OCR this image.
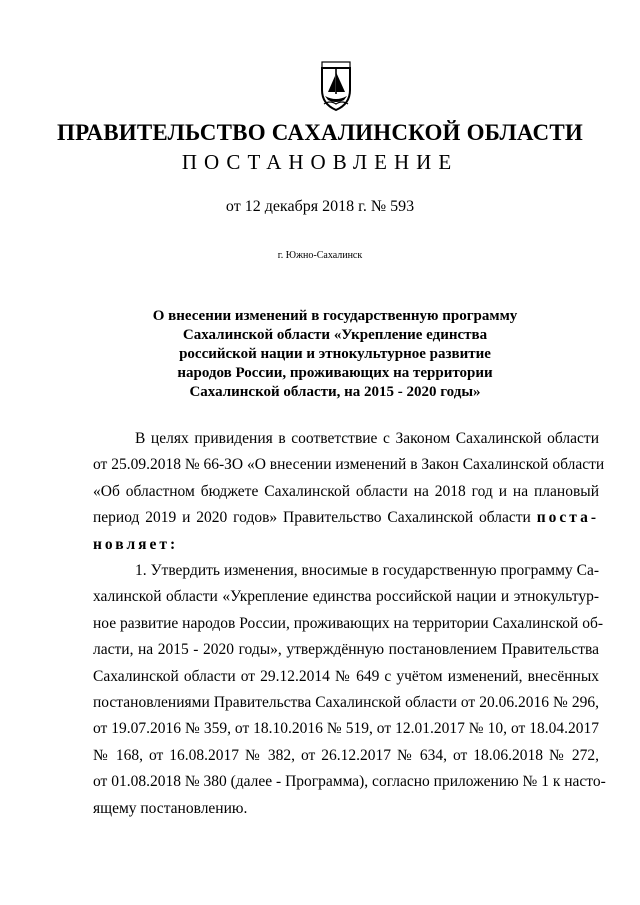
ПРАВИТЕЛЬСТВО САХАЛИНСКОЙ ОБЛАСТИ

ПОСТАНОВЛЕНИЕ

от 12 декабря 2018 г. № 593

г. Южно-Сахалинск

О внесении изменений в государственную программу
Сахалинской области «Укрепление единства
российской нации и этнокультурное развитие
народов России, проживающих на территории
Сахалинской области, на 2015 - 2020 годы»

В целях привидения в соответствие с Законом Сахалинской области
от 25.09.2018 № 66-ЗО «О внесении изменений в Закон Сахалинской области
«Об областном бюджете Сахалинской области на 2018 год и на плановый
период 2019 и 2020 годов» Правительство Сахалинской области поста-
новляет:
1. Утвердить изменения, вносимые в государственную программу Са-
халинской области «Укрепление единства российской нации и этнокультур-
ное развитие народов России, проживающих на территории Сахалинской об-
ласти, на 2015 - 2020 годы», утверждённую постановлением Правительства
Сахалинской области от 29.12.2014 № 649 с учётом изменений, внесённых
постановлениями Правительства Сахалинской области от 20.06.2016 № 296,
от 19.07.2016 № 359, от 18.10.2016 № 519, от 12.01.2017 № 10, от 18.04.2017
№ 168, от 16.08.2017 № 382, от 26.12.2017 № 634, от 18.06.2018 № 272,
от 01.08.2018 № 380 (далее - Программа), согласно приложению № 1 к насто-
ящему постановлению.
